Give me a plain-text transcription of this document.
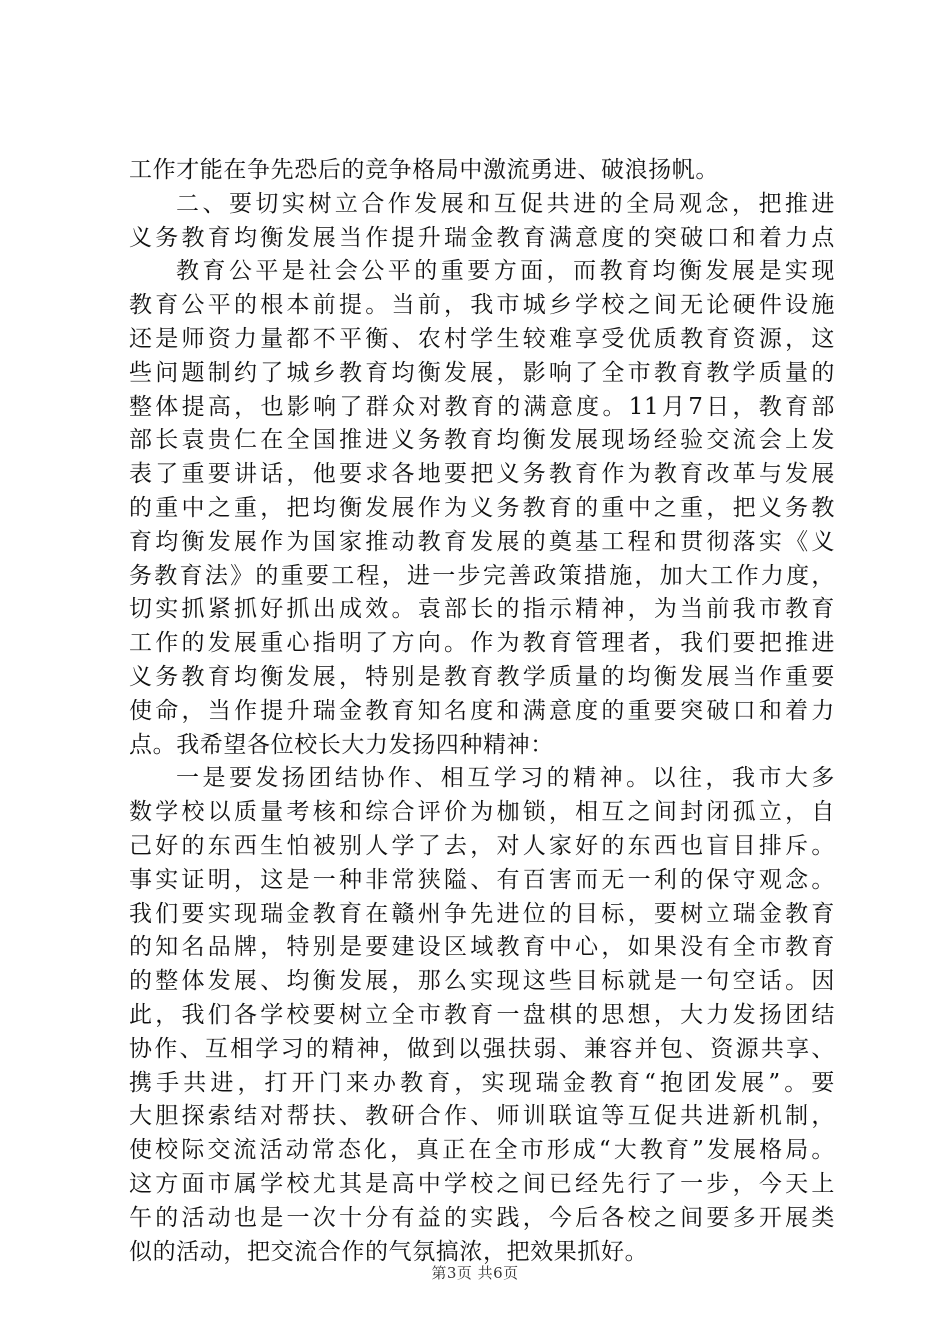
工作才能在争先恐后的竞争格局中激流勇进、破浪扬帆。
二、要切实树立合作发展和互促共进的全局观念，把推进
义务教育均衡发展当作提升瑞金教育满意度的突破口和着力点
教育公平是社会公平的重要方面，而教育均衡发展是实现
教育公平的根本前提。当前，我市城乡学校之间无论硬件设施
还是师资力量都不平衡、农村学生较难享受优质教育资源，这
些问题制约了城乡教育均衡发展，影响了全市教育教学质量的
整体提高，也影响了群众对教育的满意度。11月7日，教育部
部长袁贵仁在全国推进义务教育均衡发展现场经验交流会上发
表了重要讲话，他要求各地要把义务教育作为教育改革与发展
的重中之重，把均衡发展作为义务教育的重中之重，把义务教
育均衡发展作为国家推动教育发展的奠基工程和贯彻落实《义
务教育法》的重要工程，进一步完善政策措施，加大工作力度，
切实抓紧抓好抓出成效。袁部长的指示精神，为当前我市教育
工作的发展重心指明了方向。作为教育管理者，我们要把推进
义务教育均衡发展，特别是教育教学质量的均衡发展当作重要
使命，当作提升瑞金教育知名度和满意度的重要突破口和着力
点。我希望各位校长大力发扬四种精神：
一是要发扬团结协作、相互学习的精神。以往，我市大多
数学校以质量考核和综合评价为枷锁，相互之间封闭孤立，自
己好的东西生怕被别人学了去，对人家好的东西也盲目排斥。
事实证明，这是一种非常狭隘、有百害而无一利的保守观念。
我们要实现瑞金教育在赣州争先进位的目标，要树立瑞金教育
的知名品牌，特别是要建设区域教育中心，如果没有全市教育
的整体发展、均衡发展，那么实现这些目标就是一句空话。因
此，我们各学校要树立全市教育一盘棋的思想，大力发扬团结
协作、互相学习的精神，做到以强扶弱、兼容并包、资源共享、
携手共进，打开门来办教育，实现瑞金教育“抱团发展”。要
大胆探索结对帮扶、教研合作、师训联谊等互促共进新机制，
使校际交流活动常态化，真正在全市形成“大教育”发展格局。
这方面市属学校尤其是高中学校之间已经先行了一步，今天上
午的活动也是一次十分有益的实践，今后各校之间要多开展类
似的活动，把交流合作的气氛搞浓，把效果抓好。
第3页 共6页
